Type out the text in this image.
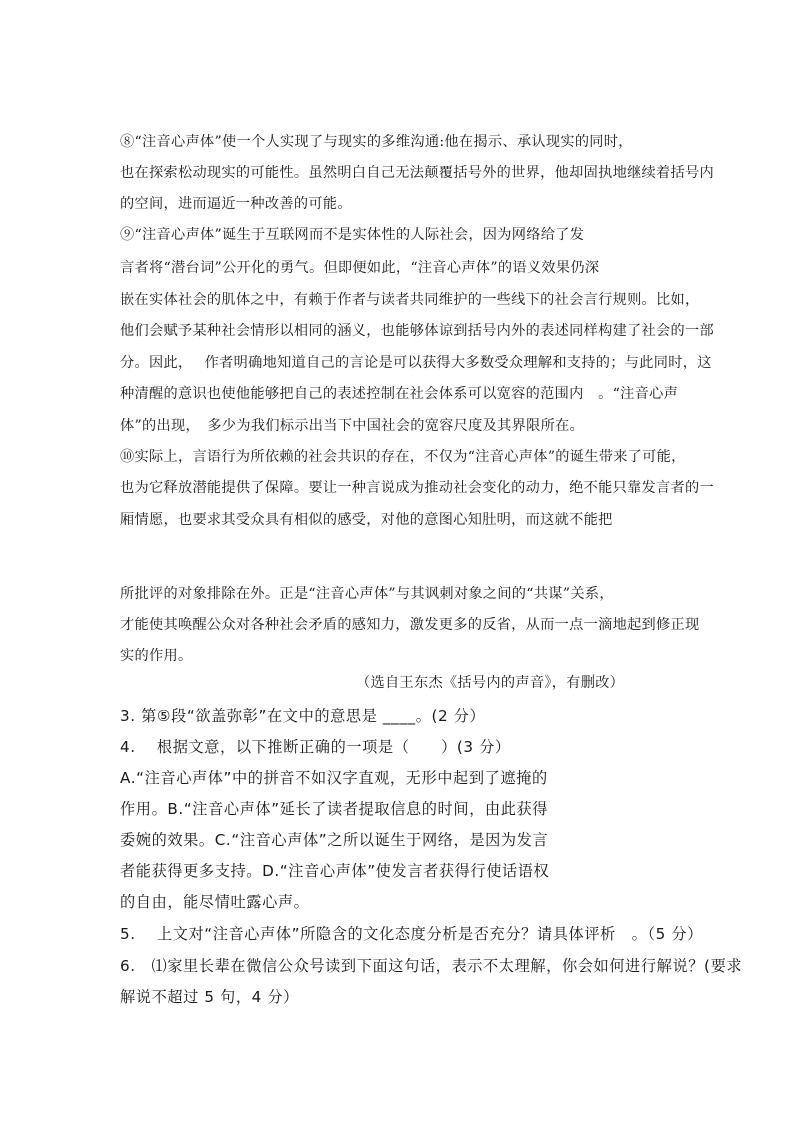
⑧“注音心声体”使一个人实现了与现实的多维沟通:他在揭示、承认现实的同时，
也在探索松动现实的可能性。虽然明白自己无法颠覆括号外的世界，他却固执地继续着括号内
的空间，进而逼近一种改善的可能。
⑨“注音心声体”诞生于互联网而不是实体性的人际社会，因为网络给了发
言者将“潜台词”公开化的勇气。但即便如此，“注音心声体”的语义效果仍深
嵌在实体社会的肌体之中，有赖于作者与读者共同维护的一些线下的社会言行规则。比如，
他们会赋予某种社会情形以相同的涵义，也能够体谅到括号内外的表述同样构建了社会的一部
分。因此，　 作者明确地知道自己的言论是可以获得大多数受众理解和支持的；与此同时，这
种清醒的意识也使他能够把自己的表述控制在社会体系可以宽容的范围内　。“注音心声
体”的出现，　多少为我们标示出当下中国社会的宽容尺度及其界限所在。
⑩实际上，言语行为所依赖的社会共识的存在，不仅为“注音心声体”的诞生带来了可能，
也为它释放潜能提供了保障。要让一种言说成为推动社会变化的动力，绝不能只靠发言者的一
厢情愿，也要求其受众具有相似的感受，对他的意图心知肚明，而这就不能把
所批评的对象排除在外。正是“注音心声体”与其讽刺对象之间的“共谋”关系，
才能使其唤醒公众对各种社会矛盾的感知力，激发更多的反省，从而一点一滴地起到修正现
实的作用。
（选自王东杰《括号内的声音》，有删改）
3. 第⑤段“欲盖弥彰”在文中的意思是 ____。(2 分）
4.　 根据文意，以下推断正确的一项是（　　）(3 分）
A.“注音心声体”中的拼音不如汉字直观，无形中起到了遮掩的
作用。B.“注音心声体”延长了读者提取信息的时间，由此获得
委婉的效果。C.“注音心声体”之所以诞生于网络，是因为发言
者能获得更多支持。D.“注音心声体”使发言者获得行使话语权
的自由，能尽情吐露心声。
5.　 上文对“注音心声体”所隐含的文化态度分析是否充分？请具体评析　。（5 分）
6.　⑴家里长辈在微信公众号读到下面这句话，表示不太理解，你会如何进行解说？(要求
解说不超过 5 句，4 分）
